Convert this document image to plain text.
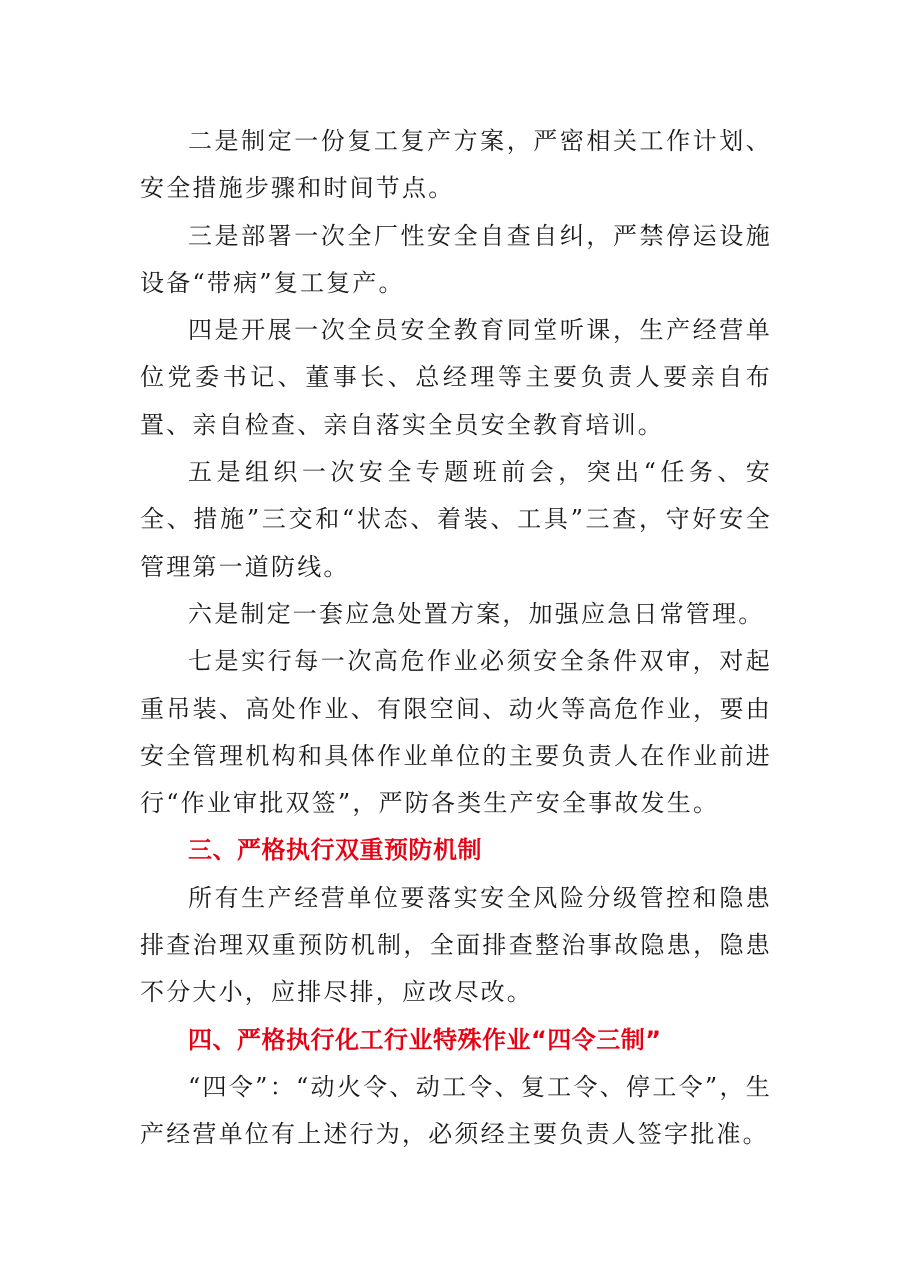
二是制定一份复工复产方案，严密相关工作计划、安全措施步骤和时间节点。

三是部署一次全厂性安全自查自纠，严禁停运设施设备“带病”复工复产。

四是开展一次全员安全教育同堂听课，生产经营单位党委书记、董事长、总经理等主要负责人要亲自布置、亲自检查、亲自落实全员安全教育培训。

五是组织一次安全专题班前会，突出“任务、安全、措施”三交和“状态、着装、工具”三查，守好安全管理第一道防线。

六是制定一套应急处置方案，加强应急日常管理。

七是实行每一次高危作业必须安全条件双审，对起重吊装、高处作业、有限空间、动火等高危作业，要由安全管理机构和具体作业单位的主要负责人在作业前进行“作业审批双签”，严防各类生产安全事故发生。

三、严格执行双重预防机制

所有生产经营单位要落实安全风险分级管控和隐患排查治理双重预防机制，全面排查整治事故隐患，隐患不分大小，应排尽排，应改尽改。

四、严格执行化工行业特殊作业“四令三制”

“四令”：“动火令、动工令、复工令、停工令”，生产经营单位有上述行为，必须经主要负责人签字批准。
